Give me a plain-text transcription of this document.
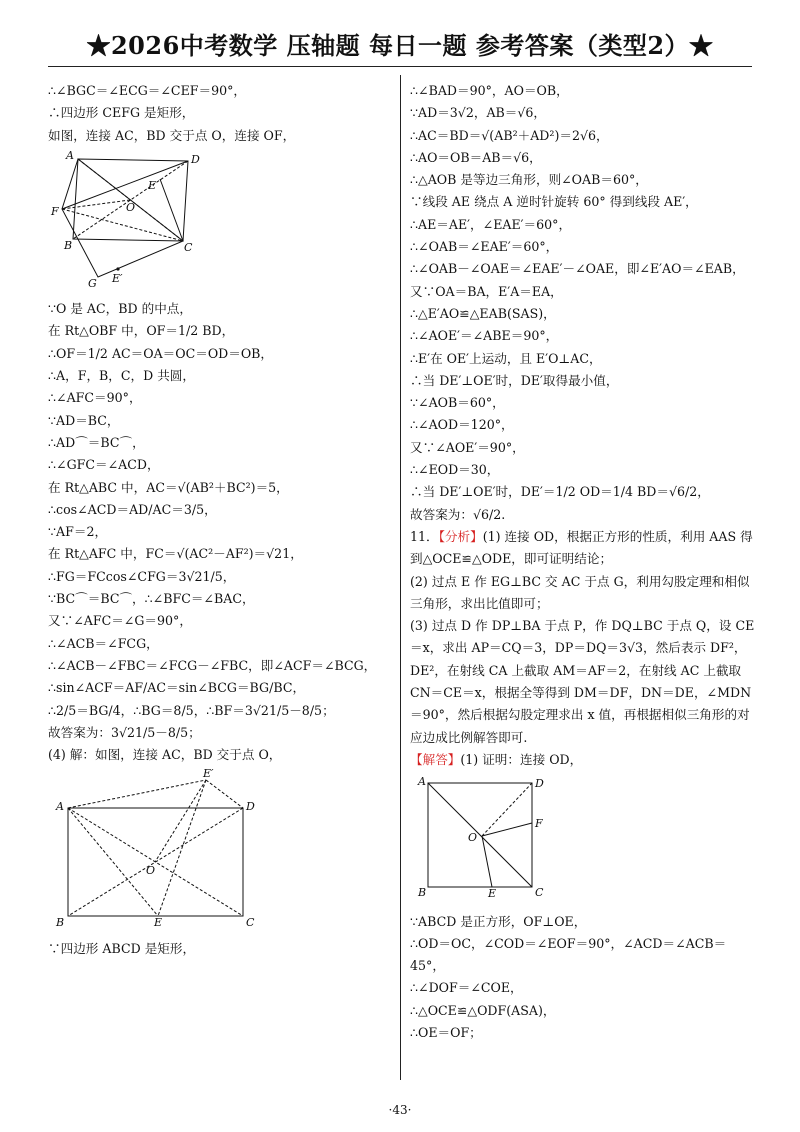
★2026中考数学 压轴题 每日一题 参考答案（类型2）★
∴∠BGC＝∠ECG＝∠CEF＝90°，
∴四边形 CEFG 是矩形，
如图，连接 AC，BD 交于点 O，连接 OF，
A	D
E
F	O
B	C
G E′
∵O 是 AC，BD 的中点，
在 Rt△OBF 中，OF＝1/2 BD，
∴OF＝1/2 AC＝OA＝OC＝OD＝OB，
∴A，F，B，C，D 共圆，
∴∠AFC＝90°，
∵AD＝BC，
∴AD⌒＝BC⌒，
∴∠GFC＝∠ACD，
在 Rt△ABC 中，AC＝√(AB²＋BC²)＝5，
∴cos∠ACD＝AD/AC＝3/5，
∵AF＝2，
在 Rt△AFC 中，FC＝√(AC²－AF²)＝√21，
∴FG＝FCcos∠CFG＝3√21/5，
∵BC⌒＝BC⌒，∴∠BFC＝∠BAC，
又∵∠AFC＝∠G＝90°，
∴∠ACB＝∠FCG，
∴∠ACB－∠FBC＝∠FCG－∠FBC，即∠ACF＝∠BCG，
∴sin∠ACF＝AF/AC＝sin∠BCG＝BG/BC，
∴2/5＝BG/4，∴BG＝8/5，∴BF＝3√21/5－8/5；
故答案为：3√21/5－8/5；
(4) 解：如图，连接 AC，BD 交于点 O，
E′
A	D
O
B	E	C
∵四边形 ABCD 是矩形，
∴∠BAD＝90°，AO＝OB，
∵AD＝3√2，AB＝√6，
∴AC＝BD＝√(AB²＋AD²)＝2√6，
∴AO＝OB＝AB＝√6，
∴△AOB 是等边三角形，则∠OAB＝60°，
∵线段 AE 绕点 A 逆时针旋转 60° 得到线段 AE′，
∴AE＝AE′，∠EAE′＝60°，
∴∠OAB＝∠EAE′＝60°，
∴∠OAB－∠OAE＝∠EAE′－∠OAE，即∠E′AO＝∠EAB，
又∵OA＝BA，E′A＝EA，
∴△E′AO≌△EAB(SAS)，
∴∠AOE′＝∠ABE＝90°，
∴E′在 OE′上运动，且 E′O⊥AC，
∴当 DE′⊥OE′时，DE′取得最小值，
∵∠AOB＝60°，
∴∠AOD＝120°，
又∵∠AOE′＝90°，
∴∠EOD＝30，
∴当 DE′⊥OE′时，DE′＝1/2 OD＝1/4 BD＝√6/2，
故答案为：√6/2.
11．【分析】(1) 连接 OD，根据正方形的性质，利用 AAS 得到△OCE≌△ODE，即可证明结论；
(2) 过点 E 作 EG⊥BC 交 AC 于点 G，利用勾股定理和相似三角形，求出比值即可；
(3) 过点 D 作 DP⊥BA 于点 P，作 DQ⊥BC 于点 Q，设 CE＝x，求出 AP＝CQ＝3，DP＝DQ＝3√3，然后表示 DF²，DE²，在射线 CA 上截取 AM＝AF＝2，在射线 AC 上截取 CN＝CE＝x，根据全等得到 DM＝DF，DN＝DE，∠MDN＝90°，然后根据勾股定理求出 x 值，再根据相似三角形的对应边成比例解答即可.
【解答】(1) 证明：连接 OD，
A	D
F
O
B	E	C
∵ABCD 是正方形，OF⊥OE，
∴OD＝OC，∠COD＝∠EOF＝90°，∠ACD＝∠ACB＝45°，
∴∠DOF＝∠COE，
∴△OCE≌△ODF(ASA)，
∴OE＝OF；
·43·
